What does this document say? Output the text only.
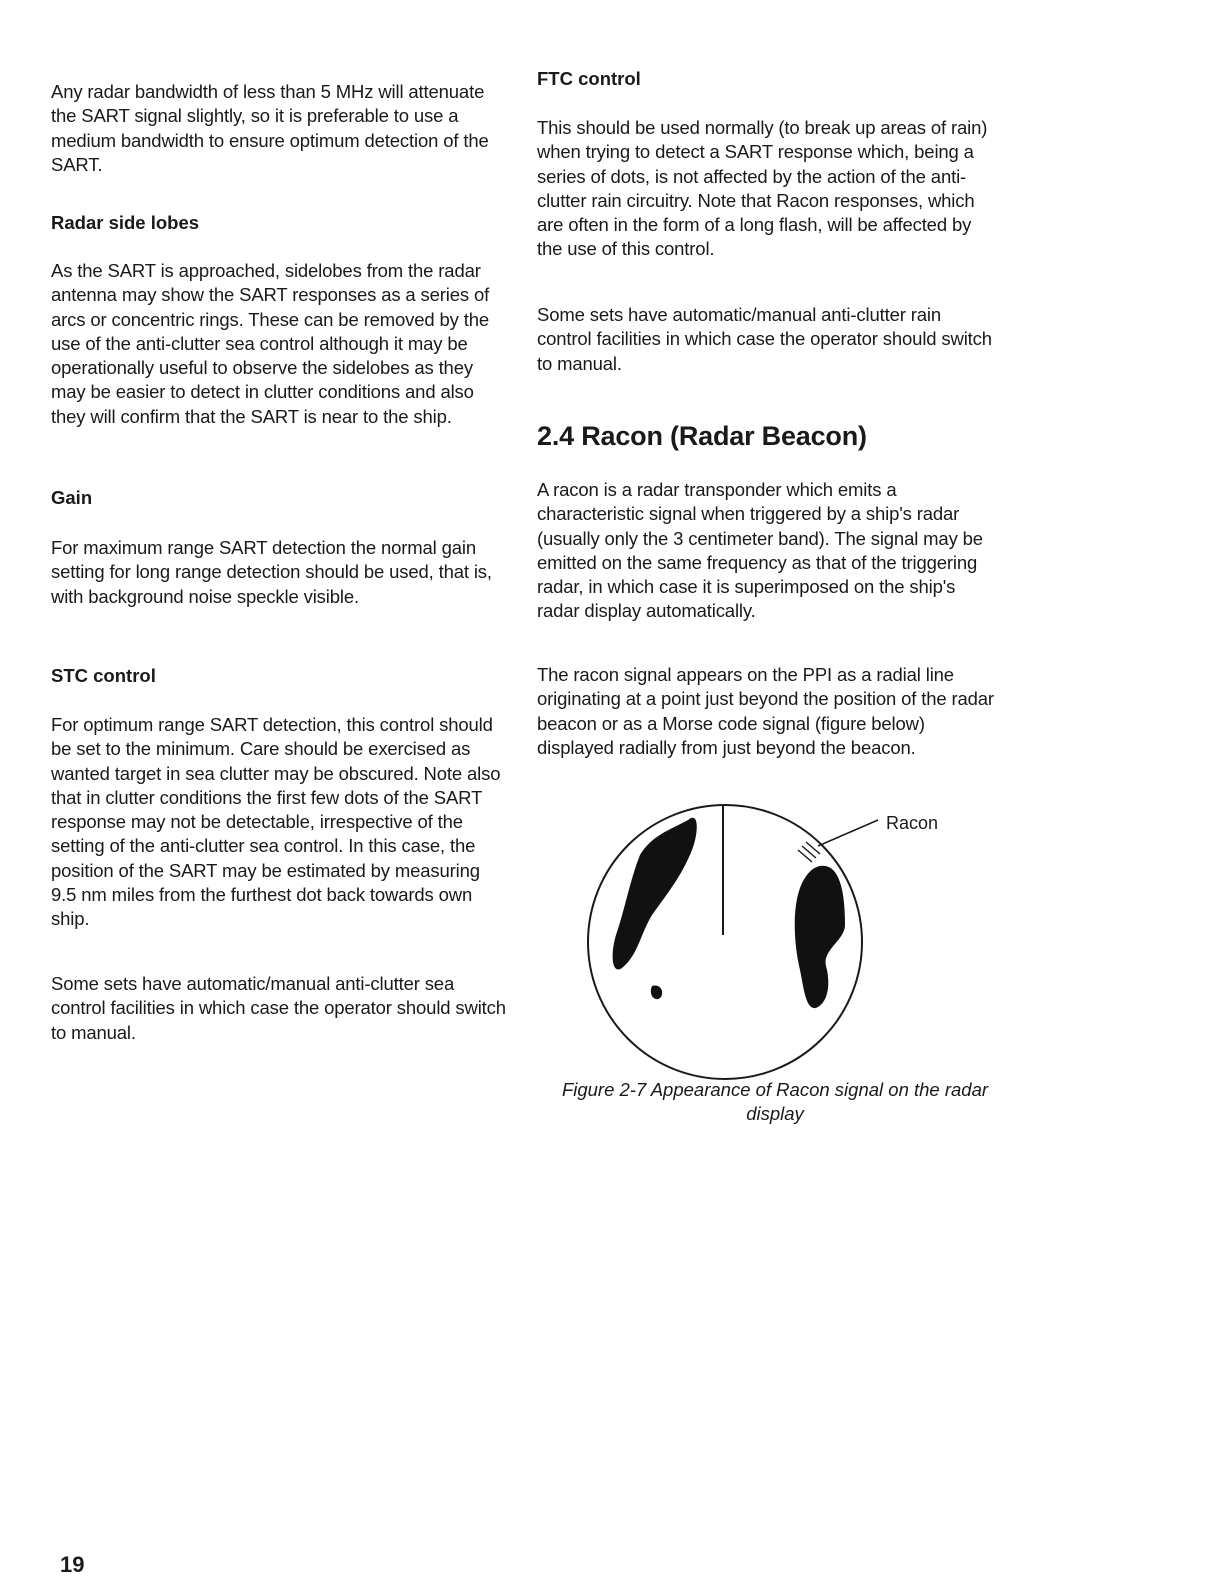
Any radar bandwidth of less than 5 MHz will attenuate the SART signal slightly, so it is preferable to use a medium bandwidth to ensure optimum detection of the SART.

Radar side lobes

As the SART is approached, sidelobes from the radar antenna may show the SART responses as a series of arcs or concentric rings. These can be removed by the use of the anti-clutter sea control although it may be operationally useful to observe the sidelobes as they may be easier to detect in clutter conditions and also they will confirm that the SART is near to the ship.

Gain

For maximum range SART detection the normal gain setting for long range detection should be used, that is, with background noise speckle visible.

STC control

For optimum range SART detection, this control should be set to the minimum. Care should be exercised as wanted target in sea clutter may be obscured. Note also that in clutter conditions the first few dots of the SART response may not be detectable, irrespective of the setting of the anti-clutter sea control. In this case, the position of the SART may be estimated by measuring 9.5 nm miles from the furthest dot back towards own ship.

Some sets have automatic/manual anti-clutter sea control facilities in which case the operator should switch to manual.

FTC control

This should be used normally (to break up areas of rain) when trying to detect a SART response which, being a series of dots, is not affected by the action of the anti-clutter rain circuitry. Note that Racon responses, which are often in the form of a long flash, will be affected by the use of this control.

Some sets have automatic/manual anti-clutter rain control facilities in which case the operator should switch to manual.

2.4 Racon (Radar Beacon)

A racon is a radar transponder which emits a characteristic signal when triggered by a ship's radar (usually only the 3 centimeter band). The signal may be emitted on the same frequency as that of the triggering radar, in which case it is superimposed on the ship's radar display automatically.

The racon signal appears on the PPI as a radial line originating at a point just beyond the position of the radar beacon or as a Morse code signal (figure below) displayed radially from just beyond the beacon.

Racon

Figure 2-7 Appearance of Racon signal on the radar display

19
